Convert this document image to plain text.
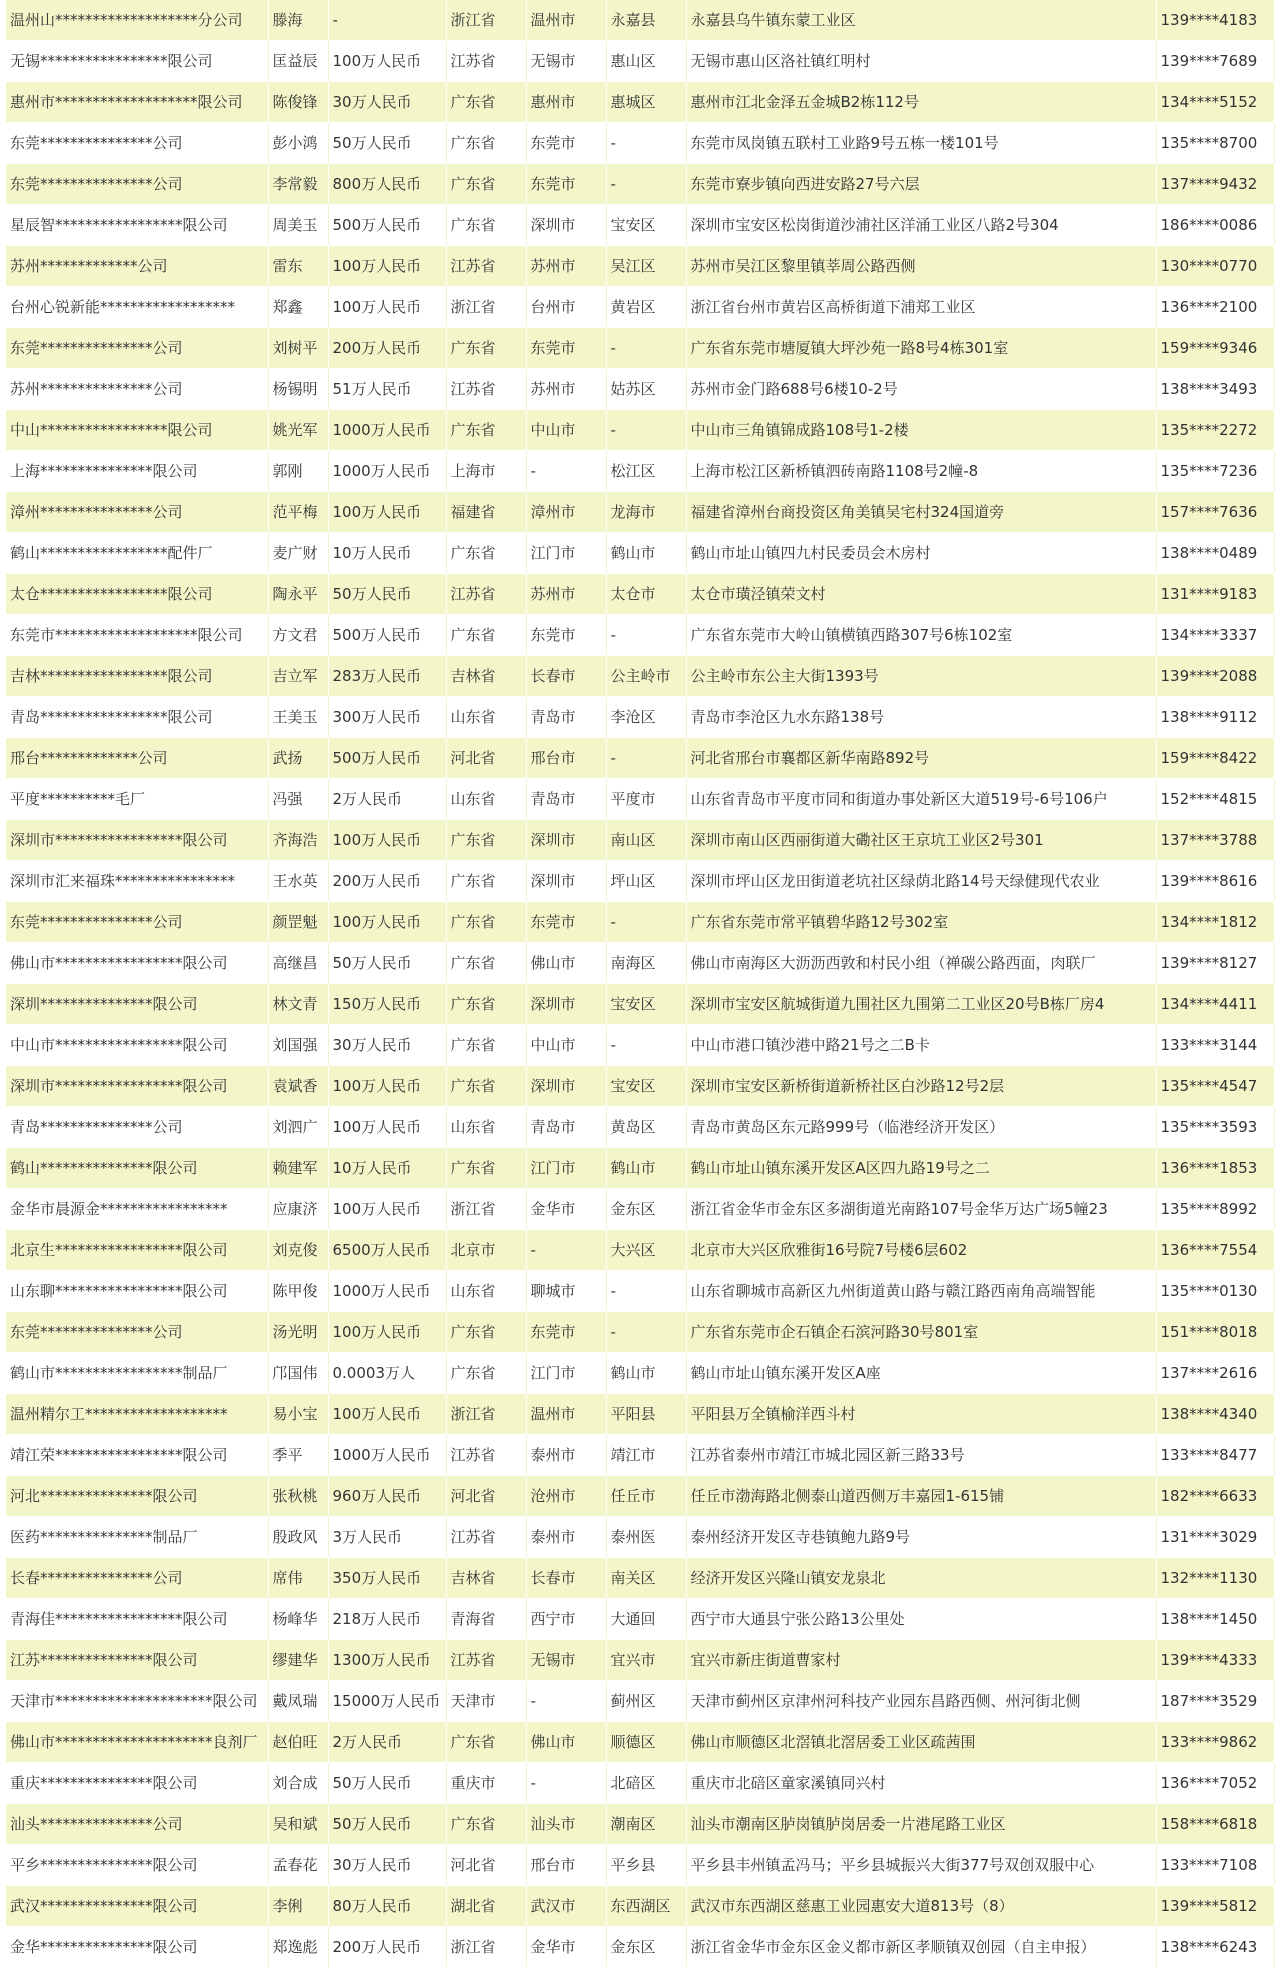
温州山*******************分公司	滕海	-	浙江省	温州市	永嘉县	永嘉县乌牛镇东蒙工业区	139****4183
无锡*****************限公司	匡益辰	100万人民币	江苏省	无锡市	惠山区	无锡市惠山区洛社镇红明村	139****7689
惠州市*******************限公司	陈俊锋	30万人民币	广东省	惠州市	惠城区	惠州市江北金泽五金城B2栋112号	134****5152
东莞***************公司	彭小鸿	50万人民币	广东省	东莞市	-	东莞市凤岗镇五联村工业路9号五栋一楼101号	135****8700
东莞***************公司	李常毅	800万人民币	广东省	东莞市	-	东莞市寮步镇向西进安路27号六层	137****9432
星辰智*****************限公司	周美玉	500万人民币	广东省	深圳市	宝安区	深圳市宝安区松岗街道沙浦社区洋涌工业区八路2号304	186****0086
苏州*************公司	雷东	100万人民币	江苏省	苏州市	吴江区	苏州市吴江区黎里镇莘周公路西侧	130****0770
台州心锐新能******************	郑鑫	100万人民币	浙江省	台州市	黄岩区	浙江省台州市黄岩区高桥街道下浦郑工业区	136****2100
东莞***************公司	刘树平	200万人民币	广东省	东莞市	-	广东省东莞市塘厦镇大坪沙苑一路8号4栋301室	159****9346
苏州***************公司	杨锡明	51万人民币	江苏省	苏州市	姑苏区	苏州市金门路688号6楼10-2号	138****3493
中山*****************限公司	姚光军	1000万人民币	广东省	中山市	-	中山市三角镇锦成路108号1-2楼	135****2272
上海***************限公司	郭刚	1000万人民币	上海市	-	松江区	上海市松江区新桥镇泗砖南路1108号2幢-8	135****7236
漳州***************公司	范平梅	100万人民币	福建省	漳州市	龙海市	福建省漳州台商投资区角美镇吴宅村324国道旁	157****7636
鹤山*****************配件厂	麦广财	10万人民币	广东省	江门市	鹤山市	鹤山市址山镇四九村民委员会木房村	138****0489
太仓*****************限公司	陶永平	50万人民币	江苏省	苏州市	太仓市	太仓市璜泾镇荣文村	131****9183
东莞市*******************限公司	方文君	500万人民币	广东省	东莞市	-	广东省东莞市大岭山镇横镇西路307号6栋102室	134****3337
吉林*****************限公司	吉立军	283万人民币	吉林省	长春市	公主岭市	公主岭市东公主大街1393号	139****2088
青岛*****************限公司	王美玉	300万人民币	山东省	青岛市	李沧区	青岛市李沧区九水东路138号	138****9112
邢台*************公司	武扬	500万人民币	河北省	邢台市	-	河北省邢台市襄都区新华南路892号	159****8422
平度**********毛厂	冯强	2万人民币	山东省	青岛市	平度市	山东省青岛市平度市同和街道办事处新区大道519号-6号106户	152****4815
深圳市*****************限公司	齐海浩	100万人民币	广东省	深圳市	南山区	深圳市南山区西丽街道大磡社区王京坑工业区2号301	137****3788
深圳市汇来福珠****************	王水英	200万人民币	广东省	深圳市	坪山区	深圳市坪山区龙田街道老坑社区绿荫北路14号天绿健现代农业	139****8616
东莞***************公司	颜罡魁	100万人民币	广东省	东莞市	-	广东省东莞市常平镇碧华路12号302室	134****1812
佛山市*****************限公司	高继昌	50万人民币	广东省	佛山市	南海区	佛山市南海区大沥沥西敦和村民小组（禅碳公路西面，肉联厂	139****8127
深圳***************限公司	林文青	150万人民币	广东省	深圳市	宝安区	深圳市宝安区航城街道九围社区九围第二工业区20号B栋厂房4	134****4411
中山市*****************限公司	刘国强	30万人民币	广东省	中山市	-	中山市港口镇沙港中路21号之二B卡	133****3144
深圳市*****************限公司	袁斌香	100万人民币	广东省	深圳市	宝安区	深圳市宝安区新桥街道新桥社区白沙路12号2层	135****4547
青岛***************公司	刘泗广	100万人民币	山东省	青岛市	黄岛区	青岛市黄岛区东元路999号（临港经济开发区）	135****3593
鹤山***************限公司	赖建军	10万人民币	广东省	江门市	鹤山市	鹤山市址山镇东溪开发区A区四九路19号之二	136****1853
金华市晨源金*****************	应康济	100万人民币	浙江省	金华市	金东区	浙江省金华市金东区多湖街道光南路107号金华万达广场5幢23	135****8992
北京生*****************限公司	刘克俊	6500万人民币	北京市	-	大兴区	北京市大兴区欣雅街16号院7号楼6层602	136****7554
山东聊*****************限公司	陈甲俊	1000万人民币	山东省	聊城市	-	山东省聊城市高新区九州街道黄山路与赣江路西南角高端智能	135****0130
东莞***************公司	汤光明	100万人民币	广东省	东莞市	-	广东省东莞市企石镇企石滨河路30号801室	151****8018
鹤山市*****************制品厂	邝国伟	0.0003万人	广东省	江门市	鹤山市	鹤山市址山镇东溪开发区A座	137****2616
温州精尔工*******************	易小宝	100万人民币	浙江省	温州市	平阳县	平阳县万全镇榆洋西斗村	138****4340
靖江荣*****************限公司	季平	1000万人民币	江苏省	泰州市	靖江市	江苏省泰州市靖江市城北园区新三路33号	133****8477
河北***************限公司	张秋桃	960万人民币	河北省	沧州市	任丘市	任丘市渤海路北侧泰山道西侧万丰嘉园1-615铺	182****6633
医药***************制品厂	殷政风	3万人民币	江苏省	泰州市	泰州医	泰州经济开发区寺巷镇鲍九路9号	131****3029
长春***************公司	席伟	350万人民币	吉林省	长春市	南关区	经济开发区兴隆山镇安龙泉北	132****1130
青海佳*****************限公司	杨峰华	218万人民币	青海省	西宁市	大通回	西宁市大通县宁张公路13公里处	138****1450
江苏***************限公司	缪建华	1300万人民币	江苏省	无锡市	宜兴市	宜兴市新庄街道曹家村	139****4333
天津市*********************限公司	戴凤瑞	15000万人民币	天津市	-	蓟州区	天津市蓟州区京津州河科技产业园东昌路西侧、州河街北侧	187****3529
佛山市*********************良剂厂	赵伯旺	2万人民币	广东省	佛山市	顺德区	佛山市顺德区北滘镇北滘居委工业区疏茜围	133****9862
重庆***************限公司	刘合成	50万人民币	重庆市	-	北碚区	重庆市北碚区童家溪镇同兴村	136****7052
汕头***************公司	吴和斌	50万人民币	广东省	汕头市	潮南区	汕头市潮南区胪岗镇胪岗居委一片港尾路工业区	158****6818
平乡***************限公司	孟春花	30万人民币	河北省	邢台市	平乡县	平乡县丰州镇孟冯马；平乡县城振兴大街377号双创双服中心	133****7108
武汉***************限公司	李俐	80万人民币	湖北省	武汉市	东西湖区	武汉市东西湖区慈惠工业园惠安大道813号（8）	139****5812
金华***************限公司	郑逸彪	200万人民币	浙江省	金华市	金东区	浙江省金华市金东区金义都市新区孝顺镇双创园（自主申报）	138****6243
